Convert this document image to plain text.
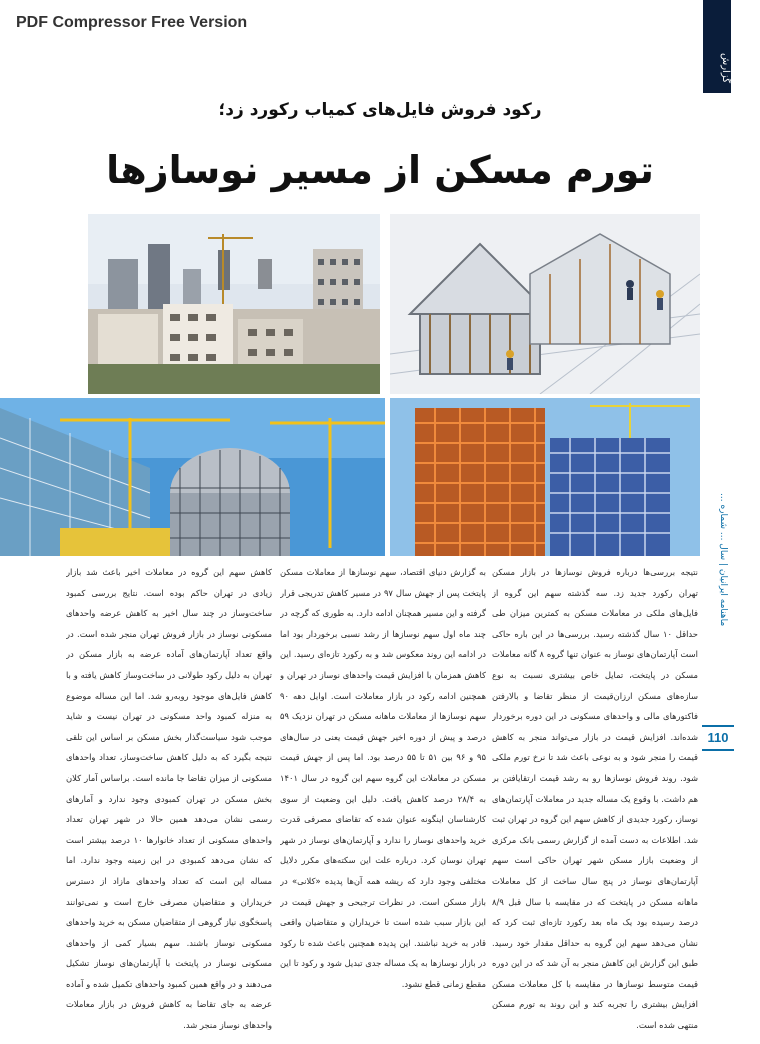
PDF Compressor Free Version
گزارش
رکود فروش فایل‌های کمیاب رکورد زد؛
تورم مسکن از مسیر نوسازها
ماهنامه ایرانیان | سال ... شماره ...
110

نتیجه بررسی‌ها درباره فروش نوسازها در بازار مسکن تهران رکورد جدید زد. سه گذشته سهم این گروه از فایل‌های ملکی در معاملات مسکن به کمترین میزان طی حداقل ۱۰ سال گذشته رسید. بررسی‌ها در این باره حاکی است آپارتمان‌های نوساز به عنوان تنها گروه ۸ گانه معاملات مسکن در پایتخت، تمایل خاص بیشتری نسبت به نوع سازه‌های مسکن ارزان‌قیمت از منظر تقاضا و بالارفتن فاکتورهای مالی و واحدهای مسکونی در این دوره برخوردار شده‌اند. افزایش قیمت در بازار می‌تواند منجر به کاهش قیمت را منجر شود و به نوعی باعث شد تا نرخ تورم ملکی شود. روند فروش نوسازها رو به رشد قیمت ارتقایافتن بر هم داشت. با وقوع یک مساله جدید در معاملات آپارتمان‌های نوساز، رکورد جدیدی از کاهش سهم این گروه در تهران ثبت شد. اطلاعات به دست آمده از گزارش رسمی بانک مرکزی از وضعیت بازار مسکن شهر تهران حاکی است سهم آپارتمان‌های نوساز در پنج سال ساخت از کل معاملات ماهانه مسکن در پایتخت که در مقایسه با سال قبل ۸/۹ درصد رسیده بود یک ماه بعد رکورد تازه‌ای ثبت کرد که نشان می‌دهد سهم این گروه به حداقل مقدار خود رسید. طبق این گزارش این کاهش منجر به آن شد که در این دوره قیمت متوسط نوسازها در مقایسه با کل معاملات مسکن افزایش بیشتری را تجربه کند و این روند به تورم مسکن منتهی شده است.

به گزارش دنیای اقتصاد، سهم نوسازها از معاملات مسکن پایتخت پس از جهش سال ۹۷ در مسیر کاهش تدریجی قرار گرفته و این مسیر همچنان ادامه دارد. به طوری که گرچه در چند ماه اول سهم نوسازها از رشد نسبی برخوردار بود اما در ادامه این روند معکوس شد و به رکورد تازه‌ای رسید. این کاهش همزمان با افزایش قیمت واحدهای نوساز در تهران و همچنین ادامه رکود در بازار معاملات است. اوایل دهه ۹۰ سهم نوسازها از معاملات ماهانه مسکن در تهران نزدیک ۵۹ درصد و پیش از دوره اخیر جهش قیمت یعنی در سال‌های ۹۵ و ۹۶ بین ۵۱ تا ۵۵ درصد بود. اما پس از جهش قیمت مسکن در معاملات این گروه سهم این گروه در سال ۱۴۰۱ به ۲۸/۴ درصد کاهش یافت. دلیل این وضعیت از سوی کارشناسان اینگونه عنوان شده که تقاضای مصرفی قدرت خرید واحدهای نوساز را ندارد و آپارتمان‌های نوساز در شهر تهران نوسان کرد. درباره علت این سکته‌های مکرر دلایل مختلفی وجود دارد که ریشه همه آن‌ها پدیده «کلانی» در بازار مسکن است. در نظرات ترجیحی و جهش قیمت در این بازار سبب شده است تا خریداران و متقاضیان واقعی قادر به خرید نباشند. این پدیده همچنین باعث شده تا رکود در بازار نوسازها به یک مساله جدی تبدیل شود و رکود تا این مقطع زمانی قطع نشود.

کاهش سهم این گروه در معاملات اخیر باعث شد بازار زیادی در تهران حاکم بوده است. نتایج بررسی کمبود ساخت‌وساز در چند سال اخیر به کاهش عرضه واحدهای مسکونی نوساز در بازار فروش تهران منجر شده است. در واقع تعداد آپارتمان‌های آماده عرضه به بازار مسکن در تهران به دلیل رکود طولانی در ساخت‌وساز کاهش یافته و با کاهش فایل‌های موجود روبه‌رو شد. اما این مساله موضوع به منزله کمبود واحد مسکونی در تهران نیست و شاید موجب شود سیاست‌گذار بخش مسکن بر اساس این تلقی نتیجه بگیرد که به دلیل کاهش ساخت‌وساز، تعداد واحدهای مسکونی از میزان تقاضا جا مانده است. براساس آمار کلان بخش مسکن در تهران کمبودی وجود ندارد و آمارهای رسمی نشان می‌دهد همین حالا در شهر تهران تعداد واحدهای مسکونی از تعداد خانوارها ۱۰ درصد بیشتر است که نشان می‌دهد کمبودی در این زمینه وجود ندارد. اما مساله این است که تعداد واحدهای مازاد از دسترس خریداران و متقاضیان مصرفی خارج است و نمی‌توانند پاسخگوی نیاز گروهی از متقاضیان مسکن به خرید واحدهای مسکونی نوساز باشند. سهم بسیار کمی از واحدهای مسکونی نوساز در پایتخت با آپارتمان‌های نوساز تشکیل می‌دهند و در واقع همین کمبود واحدهای تکمیل شده و آماده عرضه به جای تقاضا به کاهش فروش در بازار معاملات واحدهای نوساز منجر شد.
